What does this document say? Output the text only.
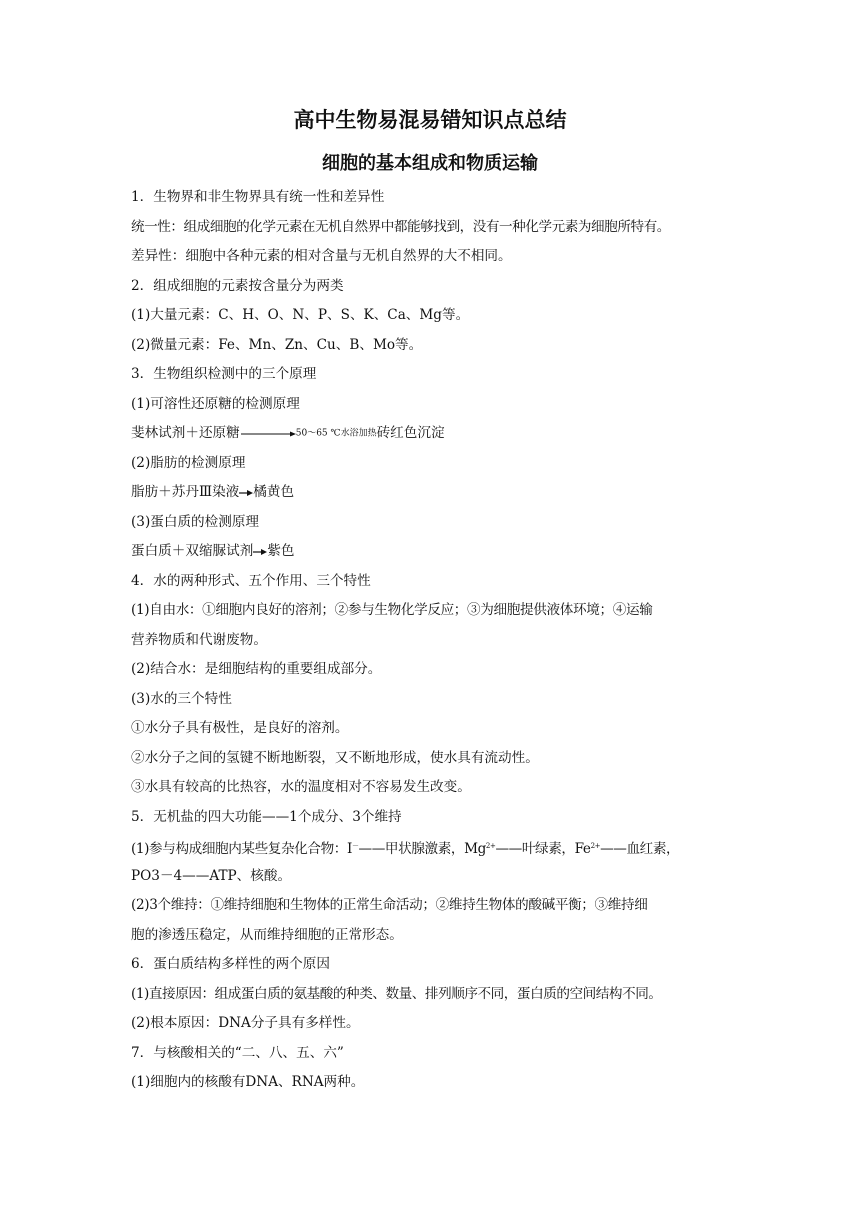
高中生物易混易错知识点总结
细胞的基本组成和物质运输
1．生物界和非生物界具有统一性和差异性
统一性：组成细胞的化学元素在无机自然界中都能够找到，没有一种化学元素为细胞所特有。
差异性：细胞中各种元素的相对含量与无机自然界的大不相同。
2．组成细胞的元素按含量分为两类
(1)大量元素：C、H、O、N、P、S、K、Ca、Mg等。
(2)微量元素：Fe、Mn、Zn、Cu、B、Mo等。
3．生物组织检测中的三个原理
(1)可溶性还原糖的检测原理
斐林试剂＋还原糖	50～65 ℃水浴加热砖红色沉淀
(2)脂肪的检测原理
脂肪＋苏丹Ⅲ染液 橘黄色
(3)蛋白质的检测原理
蛋白质＋双缩脲试剂 紫色
4．水的两种形式、五个作用、三个特性
(1)自由水：①细胞内良好的溶剂；②参与生物化学反应；③为细胞提供液体环境；④运输
营养物质和代谢废物。
(2)结合水：是细胞结构的重要组成部分。
(3)水的三个特性
①水分子具有极性，是良好的溶剂。
②水分子之间的氢键不断地断裂，又不断地形成，使水具有流动性。
③水具有较高的比热容，水的温度相对不容易发生改变。
5．无机盐的四大功能——1个成分、3个维持
(1)参与构成细胞内某些复杂化合物：I－——甲状腺激素，$Mg^{2+}——$叶绿素，$Fe^{2+}——$血红素，
PO3－4——ATP、核酸。
(2)3个维持：①维持细胞和生物体的正常生命活动；②维持生物体的酸碱平衡；③维持细
胞的渗透压稳定，从而维持细胞的正常形态。
6．蛋白质结构多样性的两个原因
(1)直接原因：组成蛋白质的氨基酸的种类、数量、排列顺序不同，蛋白质的空间结构不同。
(2)根本原因：DNA分子具有多样性。
7．与核酸相关的“二、八、五、六”
(1)细胞内的核酸有DNA、RNA两种。
